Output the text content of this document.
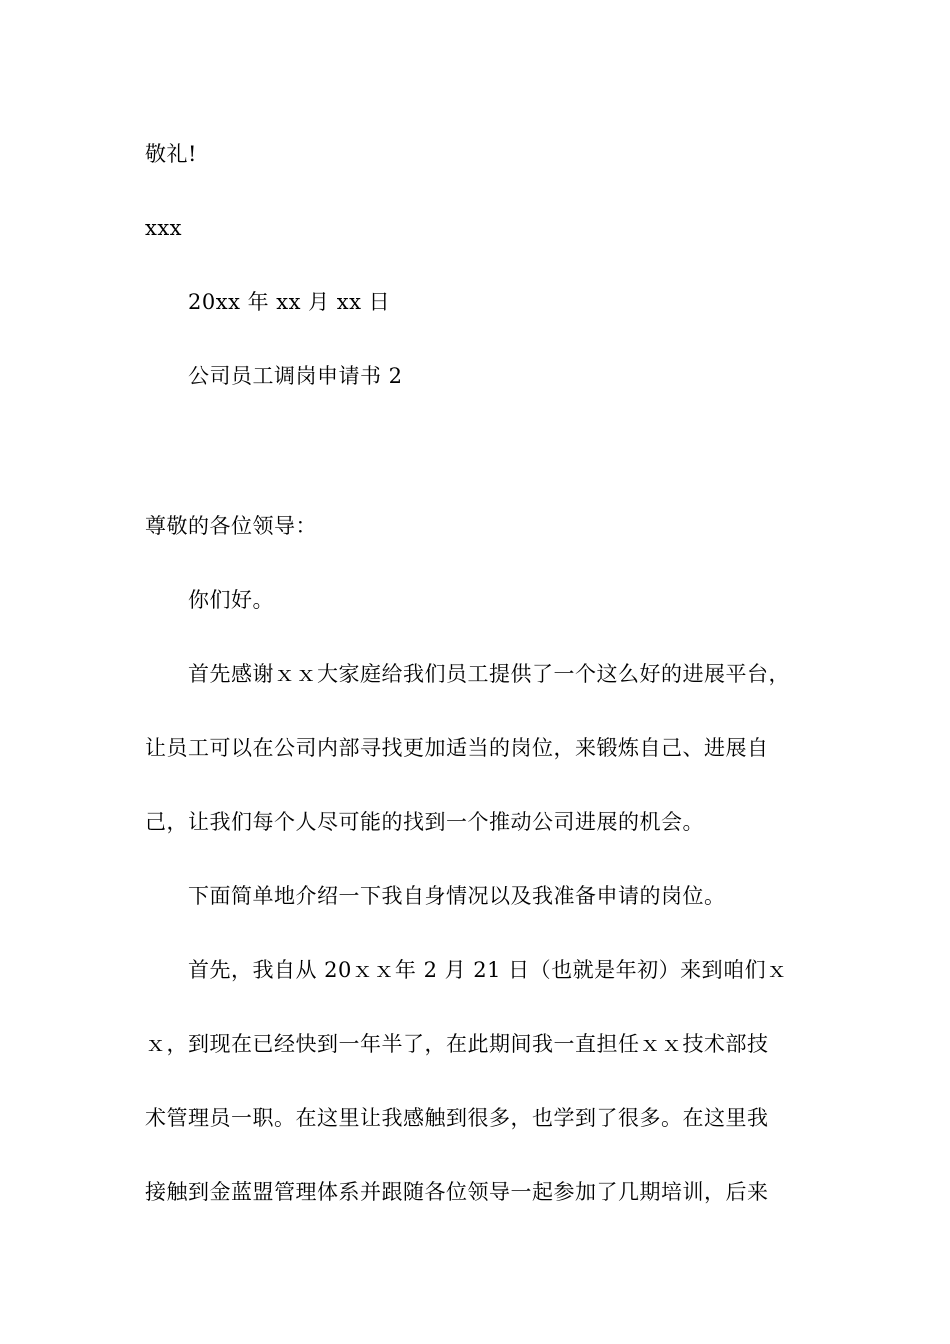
敬礼!
xxx
20xx 年 xx 月 xx 日
公司员工调岗申请书 2
尊敬的各位领导：
你们好。
首先感谢ｘｘ大家庭给我们员工提供了一个这么好的进展平台，
让员工可以在公司内部寻找更加适当的岗位，来锻炼自己、进展自
己，让我们每个人尽可能的找到一个推动公司进展的机会。
下面简单地介绍一下我自身情况以及我准备申请的岗位。
首先，我自从 20ｘｘ年 2 月 21 日（也就是年初）来到咱们ｘ
ｘ，到现在已经快到一年半了，在此期间我一直担任ｘｘ技术部技
术管理员一职。在这里让我感触到很多，也学到了很多。在这里我
接触到金蓝盟管理体系并跟随各位领导一起参加了几期培训，后来
